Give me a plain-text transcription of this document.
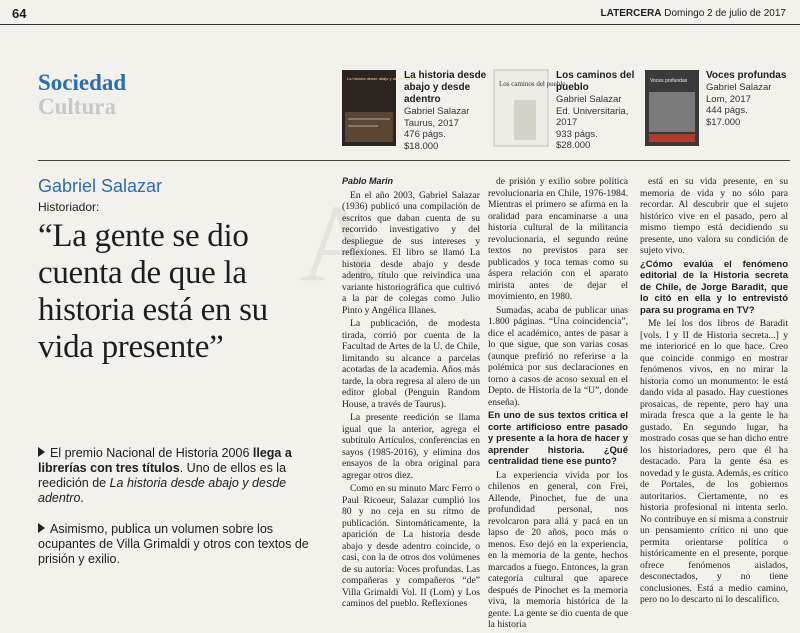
64	LATERCERA Domingo 2 de julio de 2017
Sociedad
Cultura
La historia desde abajo y desde adentro
La historia desde abajo y desde adentro
Gabriel Salazar
Taurus, 2017
476 págs.
$18.000
Los caminos del pueblo
Los caminos del pueblo
Gabriel Salazar
Ed. Universitaria, 2017
933 págs.
$28.000
Voces profundas Voces profundas
Gabriel Salazar
Lom, 2017
444 págs.
$17.000
A
Gabriel Salazar
Historiador:
“La gente se dio cuenta de que la historia está en su vida presente”
El premio Nacional de Historia 2006 llega a librerías con tres títulos. Uno de ellos es la reedición de La historia desde abajo y desde adentro.
Asimismo, publica un volumen sobre los ocupantes de Villa Grimaldi y otros con textos de prisión y exilio.
Pablo Marín

En el año 2003, Gabriel Salazar (1936) publicó una compilación de escritos que daban cuenta de su recorrido investigativo y del despliegue de sus intereses y reflexiones. El libro se llamó La historia desde abajo y desde adentro, título que reivindica una variante historiográfica que cultivó a la par de colegas como Julio Pinto y Angélica Illanes.

La publicación, de modesta tirada, corrió por cuenta de la Facultad de Artes de la U. de Chile, limitando su alcance a parcelas acotadas de la academia. Años más tarde, la obra regresa al alero de un editor global (Penguin Random House, a través de Taurus).

La presente reedición se llama igual que la anterior, agrega el subtítulo Artículos, conferencias en sayos (1985-2016), y elimina dos ensayos de la obra original para agregar otros diez.

Como en su minuto Marc Ferro o Paul Ricoeur, Salazar cumplió los 80 y no ceja en su ritmo de publicación. Sintomáticamente, la aparición de La historia desde abajo y desde adentro coincide, o casi, con la de otros dos volúmenes de su autoría: Voces profundas. Las compañeras y compañeros “de” Villa Grimaldi Vol. II (Lom) y Los caminos del pueblo. Reflexiones

de prisión y exilio sobre política revolucionaria en Chile, 1976-1984. Mientras el primero se afirma en la oralidad para encaminarse a una historia cultural de la militancia revolucionaria, el segundo reúne textos no previstos para ser publicados y toca temas como su áspera relación con el aparato mirista antes de dejar el movimiento, en 1980.

Sumadas, acaba de publicar unas 1.800 páginas. “Una coincidencia”, dice el académico, antes de pasar a lo que sigue, que son varias cosas (aunque prefirió no referirse a la polémica por sus declaraciones en torno a casos de acoso sexual en el Depto. de Historia de la “U”, donde enseña).

En uno de sus textos critica el corte artificioso entre pasado y presente a la hora de hacer y aprender historia. ¿Qué centralidad tiene ese punto?

La experiencia vivida por los chilenos en general, con Frei, Allende, Pinochet, fue de una profundidad personal, nos revolcaron para allá y pacá en un lapso de 20 años, poco más o menos. Eso dejó en la experiencia, en la memoria de la gente, hechos marcados a fuego. Entonces, la gran categoría cultural que aparece después de Pinochet es la memoria viva, la memoria histórica de la gente. La gente se dio cuenta de que la historia

está en su vida presente, en su memoria de vida y no sólo para recordar. Al descubrir que el sujeto histórico vive en el pasado, pero al mismo tiempo está decidiendo su presente, uno valora su condición de sujeto vivo.

¿Cómo evalúa el fenómeno editorial de la Historia secreta de Chile, de Jorge Baradit, que lo citó en ella y lo entrevistó para su programa en TV?

Me leí los dos libros de Baradit [vols. I y II de Historia secreta...] y me interioricé en lo que hace. Creo que coincide conmigo en mostrar fenómenos vivos, en no mirar la historia como un monumento: le está dando vida al pasado. Hay cuestiones prosaicas, de repente, pero hay una mirada fresca que a la gente le ha gustado. En segundo lugar, ha mostrado cosas que se han dicho entre los historiadores, pero que él ha destacado. Para la gente ésa es novedad y le gusta. Además, es crítico de Portales, de los gobiernos autoritarios. Ciertamente, no es historia profesional ni intenta serlo. No contribuye en sí misma a construir un pensamiento crítico ni uno que permita orientarse política o históricamente en el presente, porque ofrece fenómenos aislados, desconectados, y no tiene conclusiones. Está a medio camino, pero no lo descarto ni lo descalifico.
